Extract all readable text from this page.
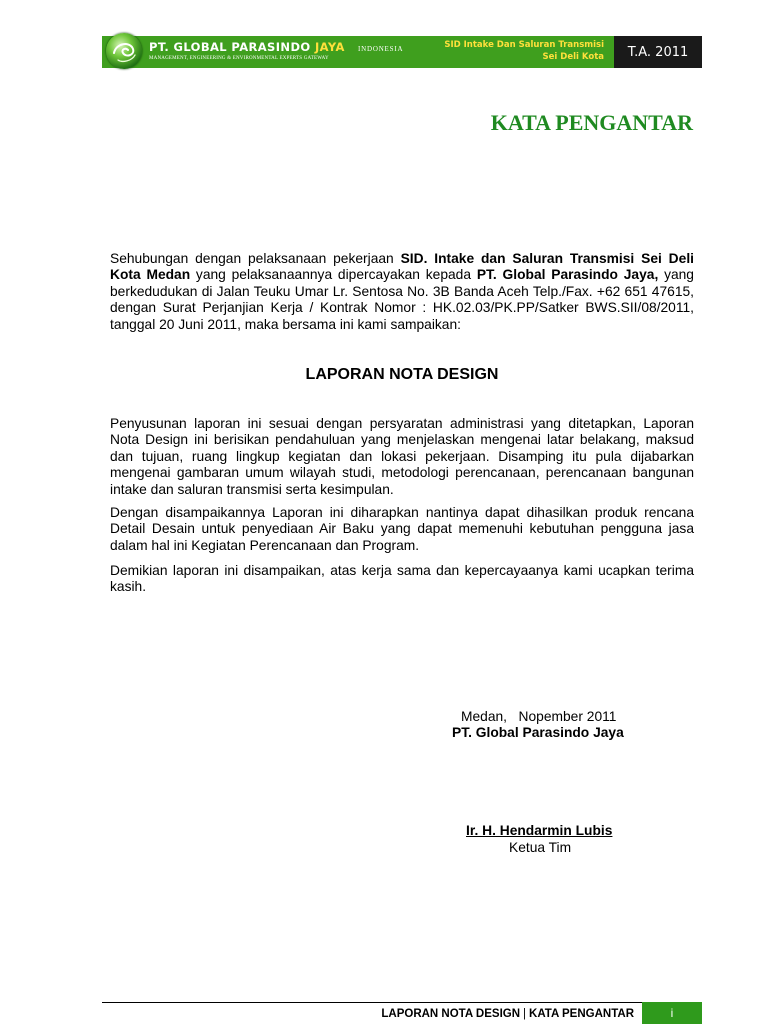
PT. GLOBAL PARASINDO JAYA
MANAGEMENT, ENGINEERING & ENVIRONMENTAL EXPERTS GATEWAY
INDONESIA	SID Intake Dan Saluran Transmisi
Sei Deli Kota	T.A. 2011
KATA PENGANTAR

Sehubungan dengan pelaksanaan pekerjaan SID. Intake dan Saluran Transmisi Sei Deli Kota Medan yang pelaksanaannya dipercayakan kepada PT. Global Parasindo Jaya, yang berkedudukan di Jalan Teuku Umar Lr. Sentosa No. 3B Banda Aceh Telp./Fax. +62 651 47615, dengan Surat Perjanjian Kerja / Kontrak Nomor : HK.02.03/PK.PP/Satker BWS.SII/08/2011, tanggal 20 Juni 2011, maka bersama ini kami sampaikan:

LAPORAN NOTA DESIGN

Penyusunan laporan ini sesuai dengan persyaratan administrasi yang ditetapkan, Laporan Nota Design ini berisikan pendahuluan yang menjelaskan mengenai latar belakang, maksud dan tujuan, ruang lingkup kegiatan dan lokasi pekerjaan. Disamping itu pula dijabarkan mengenai gambaran umum wilayah studi, metodologi perencanaan, perencanaan bangunan intake dan saluran transmisi serta kesimpulan.

Dengan disampaikannya Laporan ini diharapkan nantinya dapat dihasilkan produk rencana Detail Desain untuk penyediaan Air Baku yang dapat memenuhi kebutuhan pengguna jasa dalam hal ini Kegiatan Perencanaan dan Program.

Demikian laporan ini disampaikan, atas kerja sama dan kepercayaanya kami ucapkan terima kasih.

Medan,   Nopember 2011
PT. Global Parasindo Jaya
Ir. H. Hendarmin Lubis
Ketua Tim
LAPORAN NOTA DESIGN | KATA PENGANTAR	i
